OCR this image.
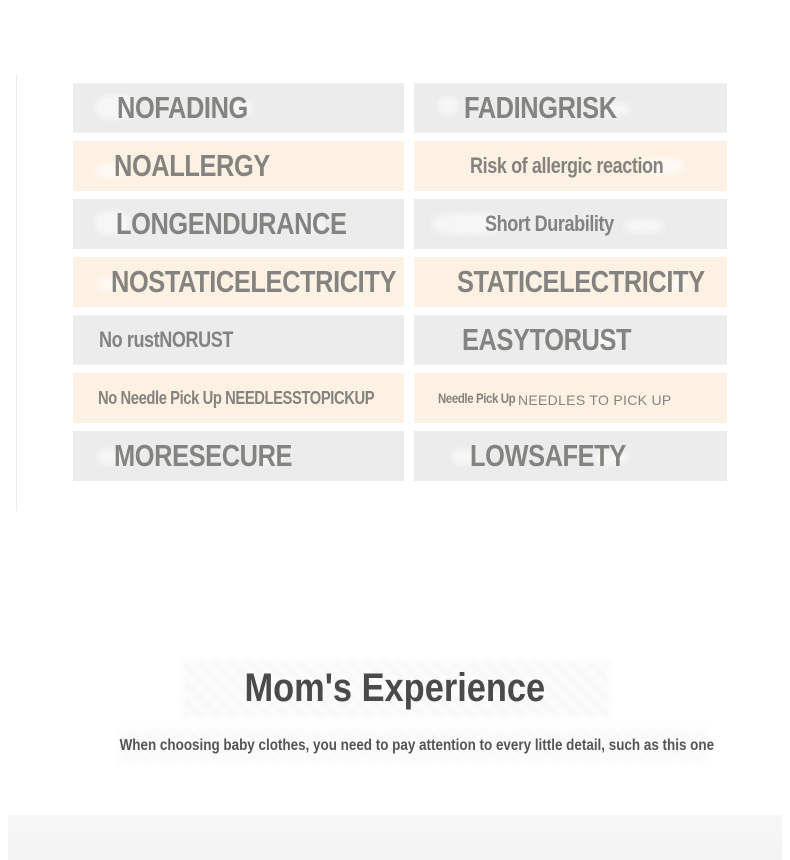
NOFADING	FADINGRISK
NOALLERGY	Risk of allergic reaction
LONGENDURANCE	Short Durability
NOSTATICELECTRICITY STATICELECTRICITY
No rustNORUST	EASYTORUST
No Needle Pick Up NEEDLESSTOPICKUP	Needle Pick Up NEEDLES TO PICK UP
MORESECURE	LOWSAFETY
Mom's Experience
When choosing baby clothes, you need to pay attention to every little detail, such as this one
